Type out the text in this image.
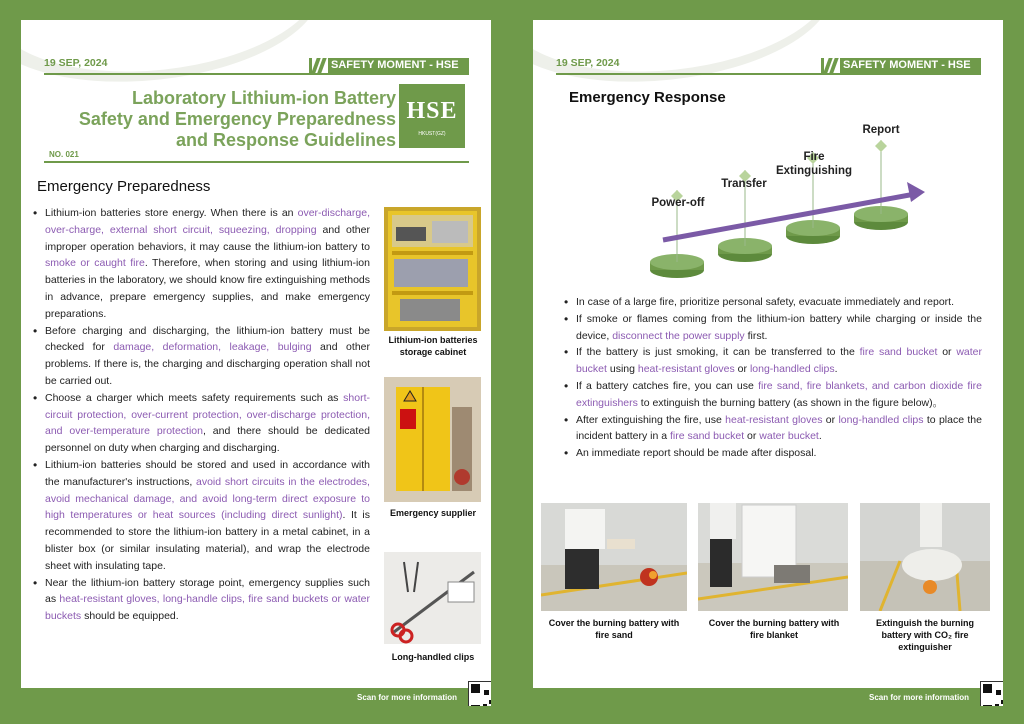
19 SEP, 2024	SAFETY MOMENT - HSE
Laboratory Lithium-ion Battery
Safety and Emergency Preparedness
and Response Guidelines
HSE
HKUST(GZ)
NO. 021
Emergency Preparedness
• Lithium-ion batteries store energy. When there is an over-discharge, over-charge, external short circuit, squeezing, dropping and other improper operation behaviors, it may cause the lithium-ion battery to smoke or caught fire. Therefore, when storing and using lithium-ion batteries in the laboratory, we should know fire extinguishing methods in advance, prepare emergency supplies, and make emergency preparations.
• Before charging and discharging, the lithium-ion battery must be checked for damage, deformation, leakage, bulging and other problems. If there is, the charging and discharging operation shall not be carried out.
• Choose a charger which meets safety requirements such as short-circuit protection, over-current protection, over-discharge protection, and over-temperature protection, and there should be dedicated personnel on duty when charging and discharging.
• Lithium-ion batteries should be stored and used in accordance with the manufacturer's instructions, avoid short circuits in the electrodes, avoid mechanical damage, and avoid long-term direct exposure to high temperatures or heat sources (including direct sunlight). It is recommended to store the lithium-ion battery in a metal cabinet, in a blister box (or similar insulating material), and wrap the electrode sheet with insulating tape.
• Near the lithium-ion battery storage point, emergency supplies such as heat-resistant gloves, long-handle clips, fire sand buckets or water buckets should be equipped.
Lithium-ion batteries storage cabinet
Emergency supplier
Long-handled clips
Scan for more information
19 SEP, 2024	SAFETY MOMENT - HSE
Emergency Response
Power-off
Transfer
Fire Extinguishing
Report
• In case of a large fire, prioritize personal safety, evacuate immediately and report.
• If smoke or flames coming from the lithium-ion battery while charging or inside the device, disconnect the power supply first.
• If the battery is just smoking, it can be transferred to the fire sand bucket or water bucket using heat-resistant gloves or long-handled clips.
• If a battery catches fire, you can use fire sand, fire blankets, and carbon dioxide fire extinguishers to extinguish the burning battery (as shown in the figure below)。
• After extinguishing the fire, use heat-resistant gloves or long-handled clips to place the incident battery in a fire sand bucket or water bucket.
• An immediate report should be made after disposal.
Cover the burning battery with fire sand
Cover the burning battery with fire blanket
Extinguish the burning battery with CO₂ fire extinguisher
Scan for more information
